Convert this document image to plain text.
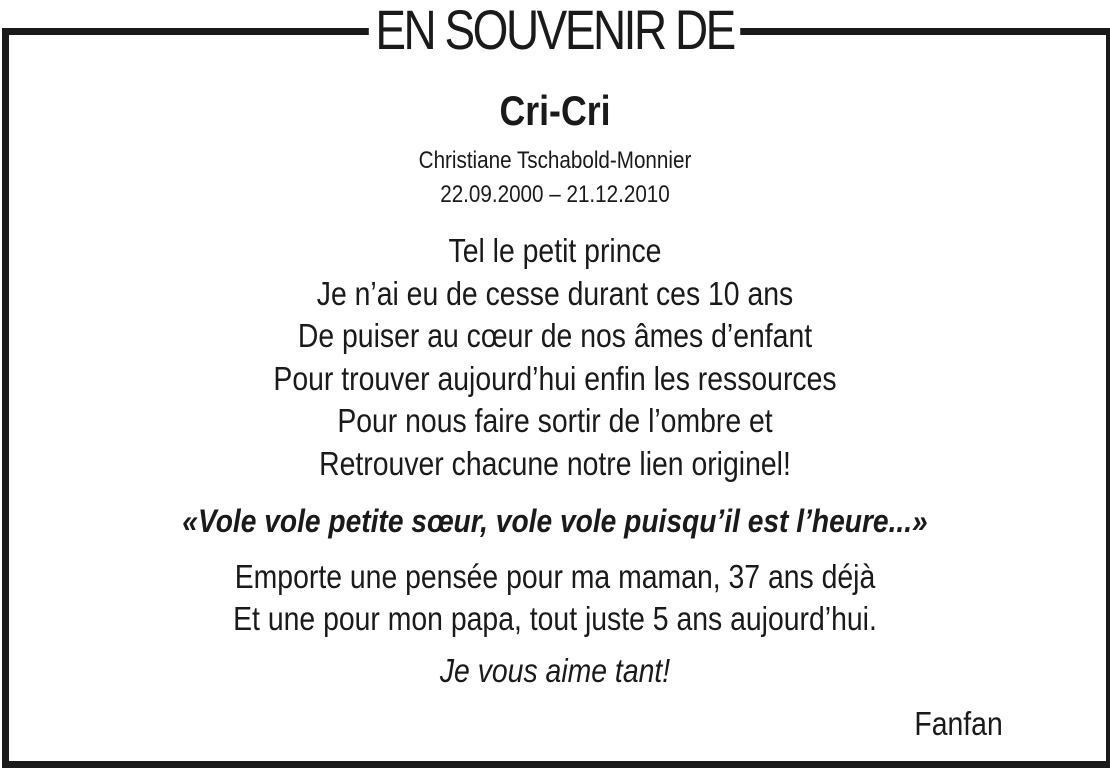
EN SOUVENIR DE
Cri-Cri
Christiane Tschabold-Monnier
22.09.2000 – 21.12.2010
Tel le petit prince
Je n’ai eu de cesse durant ces 10 ans
De puiser au cœur de nos âmes d’enfant
Pour trouver aujourd’hui enfin les ressources
Pour nous faire sortir de l’ombre et
Retrouver chacune notre lien originel!
«Vole vole petite sœur, vole vole puisqu’il est l’heure...»
Emporte une pensée pour ma maman, 37 ans déjà
Et une pour mon papa, tout juste 5 ans aujourd’hui.
Je vous aime tant!
Fanfan
